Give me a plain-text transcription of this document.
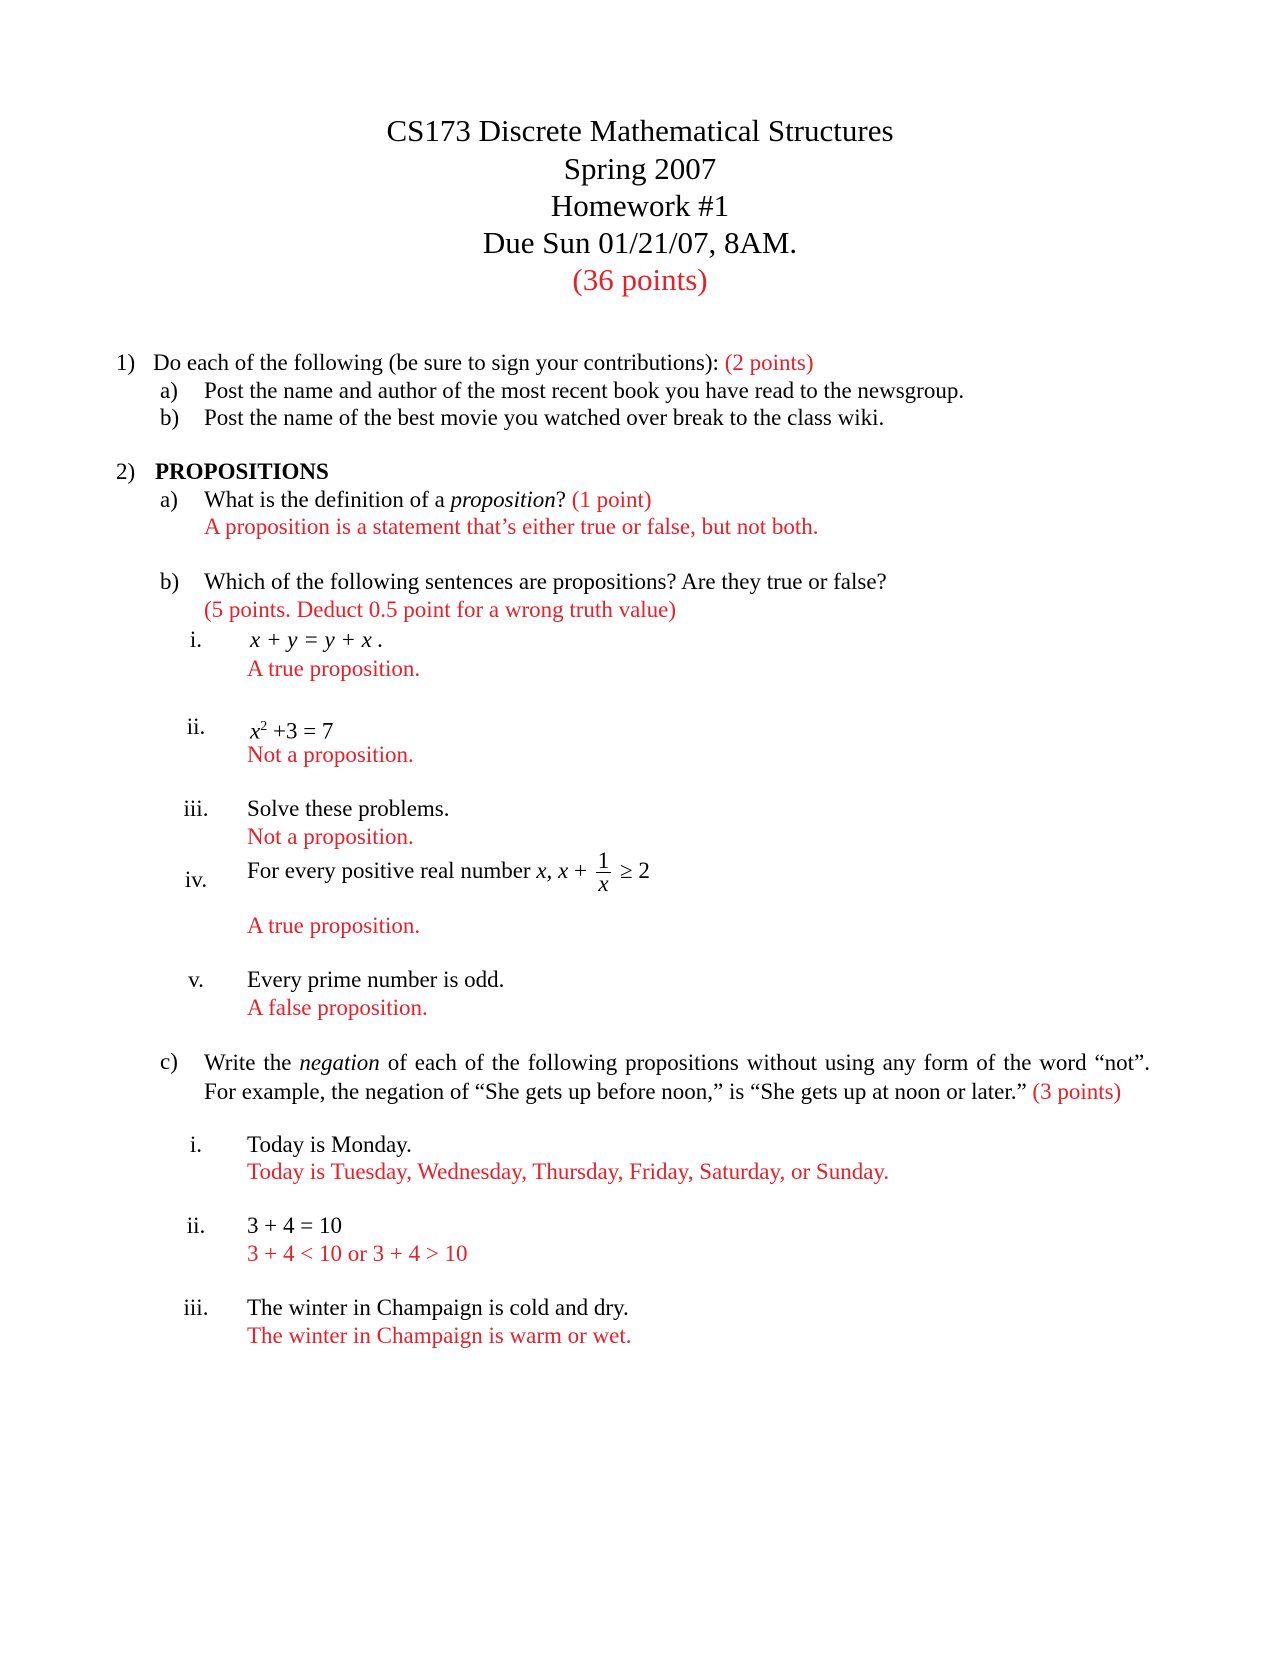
CS173 Discrete Mathematical Structures
Spring 2007
Homework #1
Due Sun 01/21/07, 8AM.
(36 points)
1) Do each of the following (be sure to sign your contributions): (2 points)
a) Post the name and author of the most recent book you have read to the newsgroup.
b) Post the name of the best movie you watched over break to the class wiki.
2) PROPOSITIONS
a) What is the definition of a proposition? (1 point)
A proposition is a statement that’s either true or false, but not both.
b) Which of the following sentences are propositions? Are they true or false?
(5 points. Deduct 0.5 point for a wrong truth value)
i.	x + y = y + x .
A true proposition.
ii.	$x^2 +3 = 7$
Not a proposition.
iii.	Solve these problems.
Not a proposition.
iv.	For every positive real number x, $x + \frac{1}{x} \ge 2$
A true proposition.
v.	Every prime number is odd.
A false proposition.
c) Write the negation of each of the following propositions without using any form of the word “not”. For example, the negation of “She gets up before noon,” is “She gets up at noon or later.” (3 points)
i.	Today is Monday.
Today is Tuesday, Wednesday, Thursday, Friday, Saturday, or Sunday.
ii.	3 + 4 = 10
3 + 4 < 10 or 3 + 4 > 10
iii.	The winter in Champaign is cold and dry.
The winter in Champaign is warm or wet.
